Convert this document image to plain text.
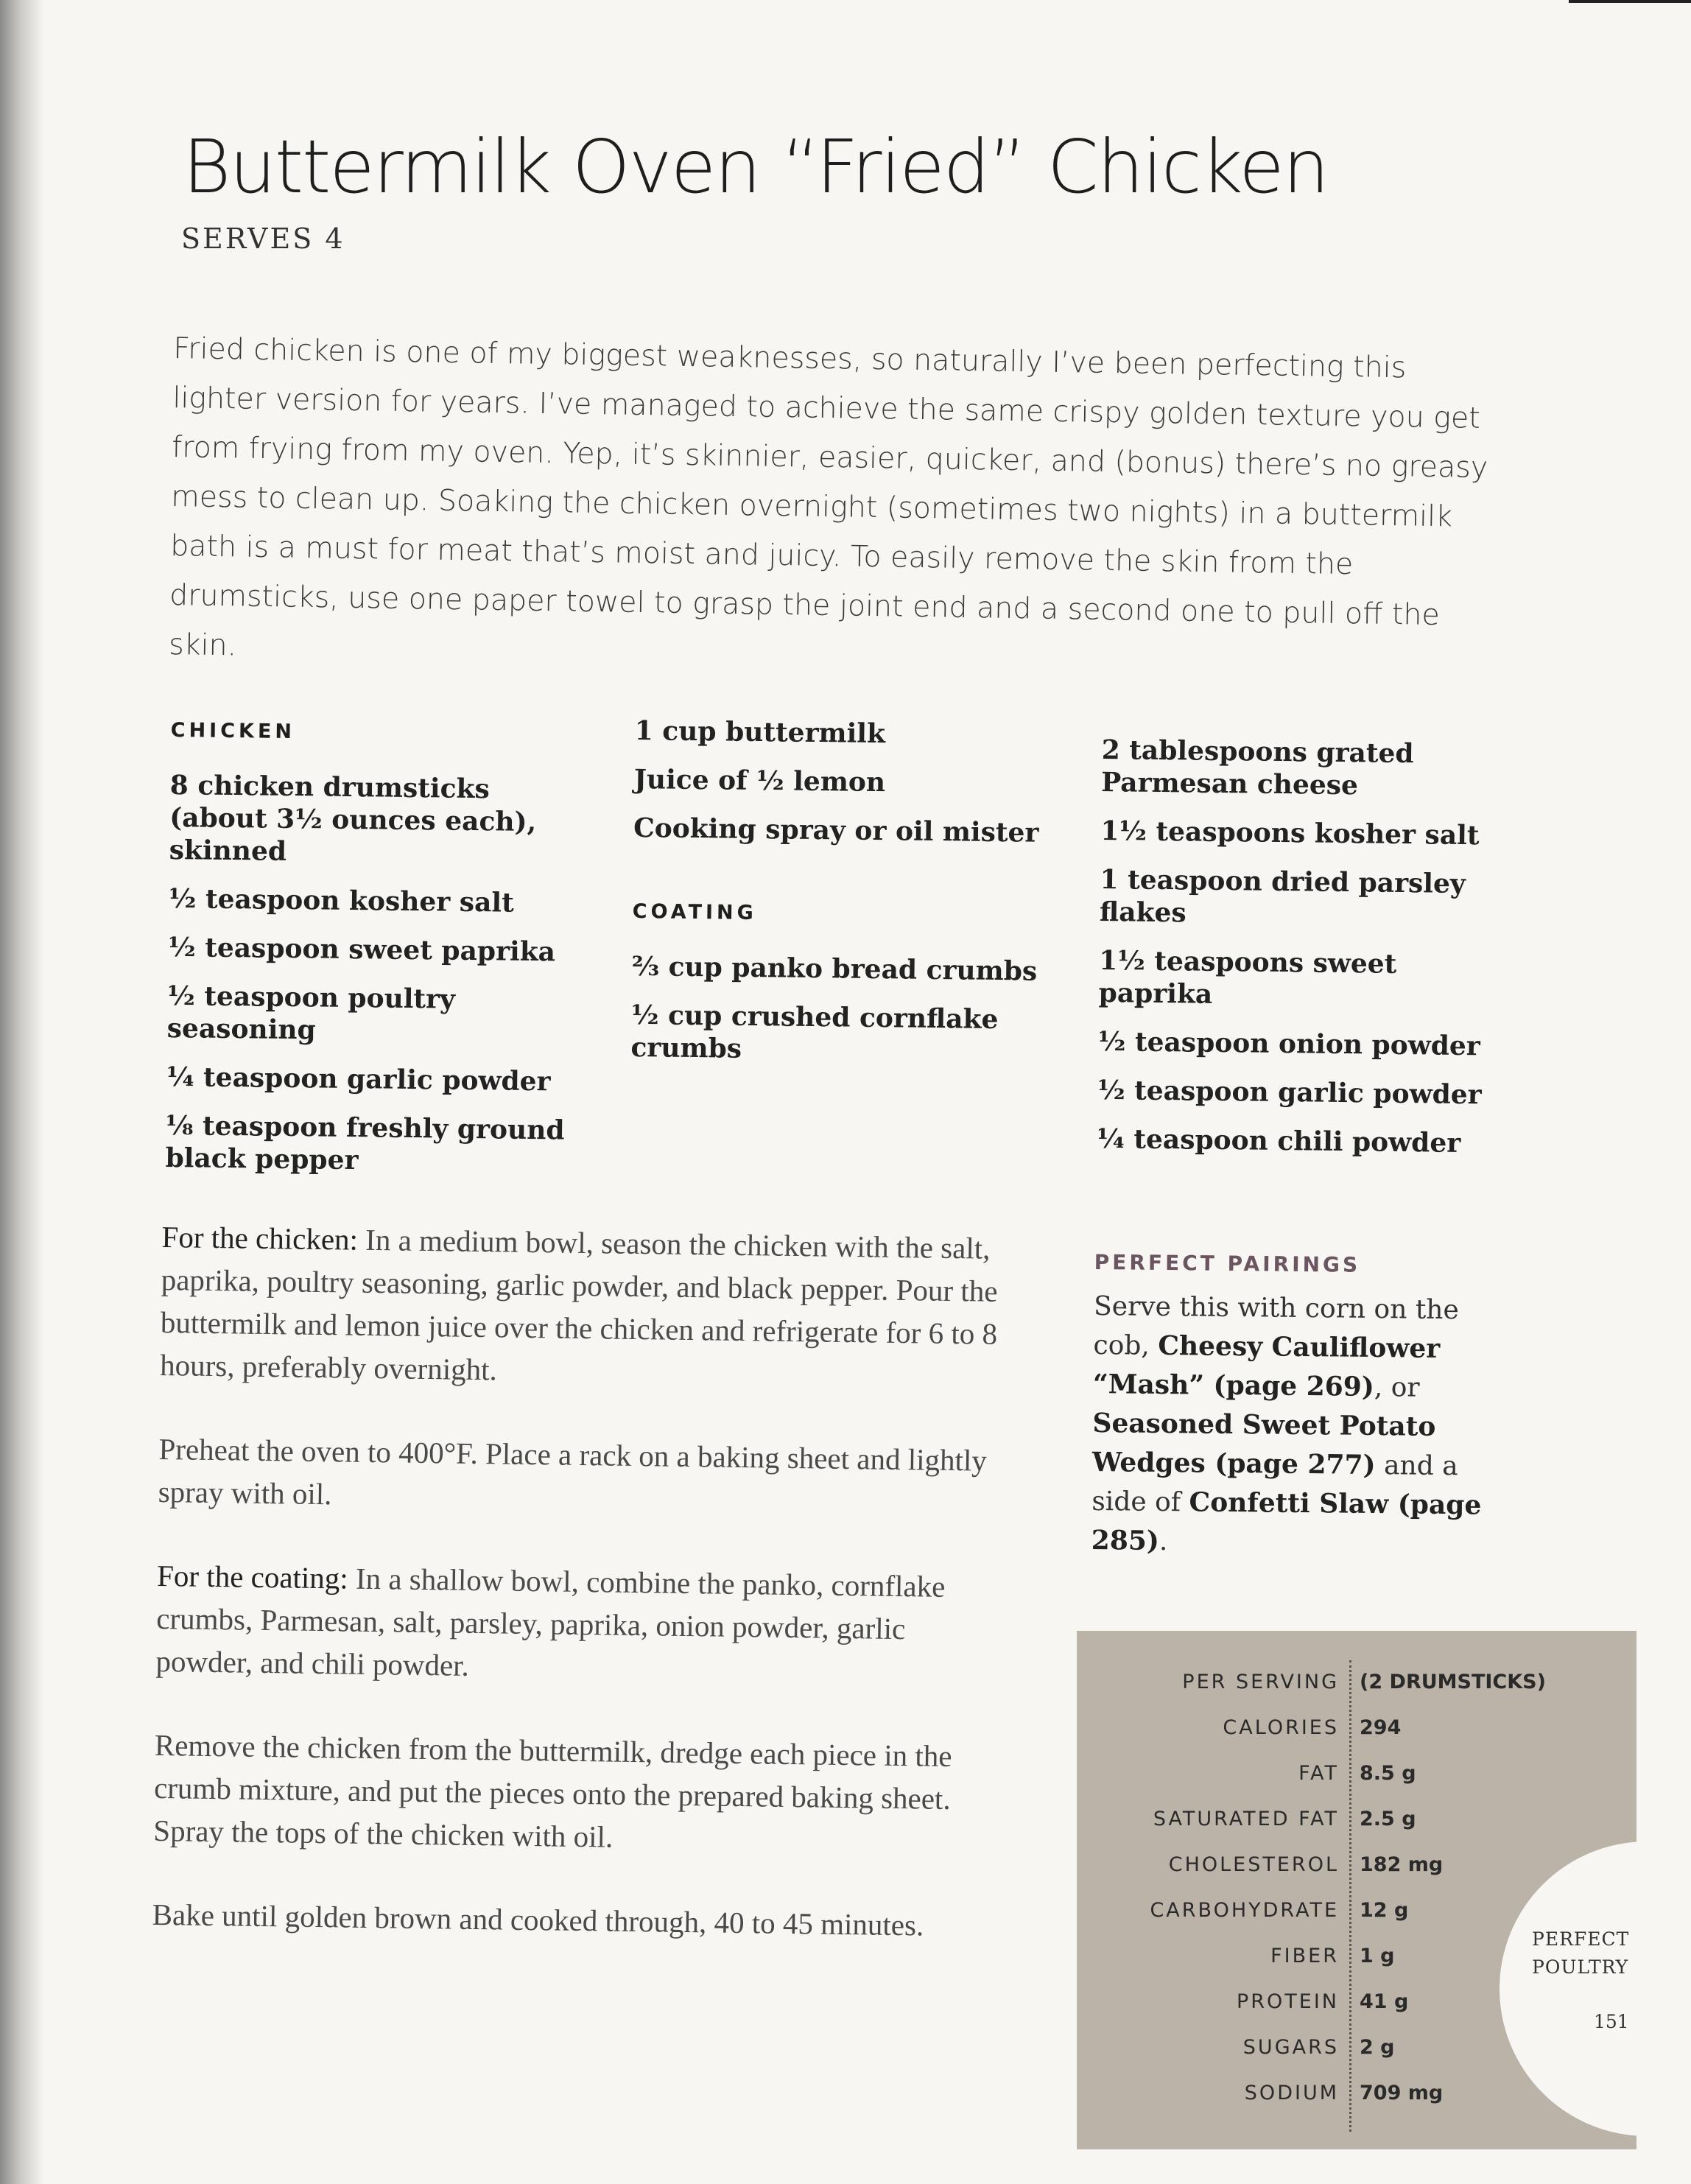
Buttermilk Oven “Fried” Chicken
SERVES 4

Fried chicken is one of my biggest weaknesses, so naturally I’ve been perfecting this lighter version for years. I’ve managed to achieve the same crispy golden texture you get from frying from my oven. Yep, it’s skinnier, easier, quicker, and (bonus) there’s no greasy mess to clean up. Soaking the chicken overnight (sometimes two nights) in a buttermilk bath is a must for meat that’s moist and juicy. To easily remove the skin from the drumsticks, use one paper towel to grasp the joint end and a second one to pull off the skin.

CHICKEN
8 chicken drumsticks (about 3½ ounces each), skinned
½ teaspoon kosher salt
½ teaspoon sweet paprika
½ teaspoon poultry seasoning
¼ teaspoon garlic powder
⅛ teaspoon freshly ground black pepper
1 cup buttermilk
Juice of ½ lemon
Cooking spray or oil mister
COATING
⅔ cup panko bread crumbs
½ cup crushed cornflake crumbs
2 tablespoons grated Parmesan cheese
1½ teaspoons kosher salt
1 teaspoon dried parsley flakes
1½ teaspoons sweet paprika
½ teaspoon onion powder
½ teaspoon garlic powder
¼ teaspoon chili powder

For the chicken: In a medium bowl, season the chicken with the salt, paprika, poultry seasoning, garlic powder, and black pepper. Pour the buttermilk and lemon juice over the chicken and refrigerate for 6 to 8 hours, preferably overnight.

Preheat the oven to 400°F. Place a rack on a baking sheet and lightly spray with oil.

For the coating: In a shallow bowl, combine the panko, cornflake crumbs, Parmesan, salt, parsley, paprika, onion powder, garlic powder, and chili powder.

Remove the chicken from the buttermilk, dredge each piece in the crumb mixture, and put the pieces onto the prepared baking sheet. Spray the tops of the chicken with oil.

Bake until golden brown and cooked through, 40 to 45 minutes.

PERFECT PAIRINGS
Serve this with corn on the cob, Cheesy Cauliflower “Mash” (page 269), or Seasoned Sweet Potato Wedges (page 277) and a side of Confetti Slaw (page 285).
PER SERVING (2 DRUMSTICKS)
CALORIES 294
FAT 8.5 g
SATURATED FAT 2.5 g
CHOLESTEROL 182 mg
CARBOHYDRATE 12 g
FIBER 1 g
PROTEIN 41 g
SUGARS 2 g
SODIUM 709 mg
PERFECT
POULTRY
151
